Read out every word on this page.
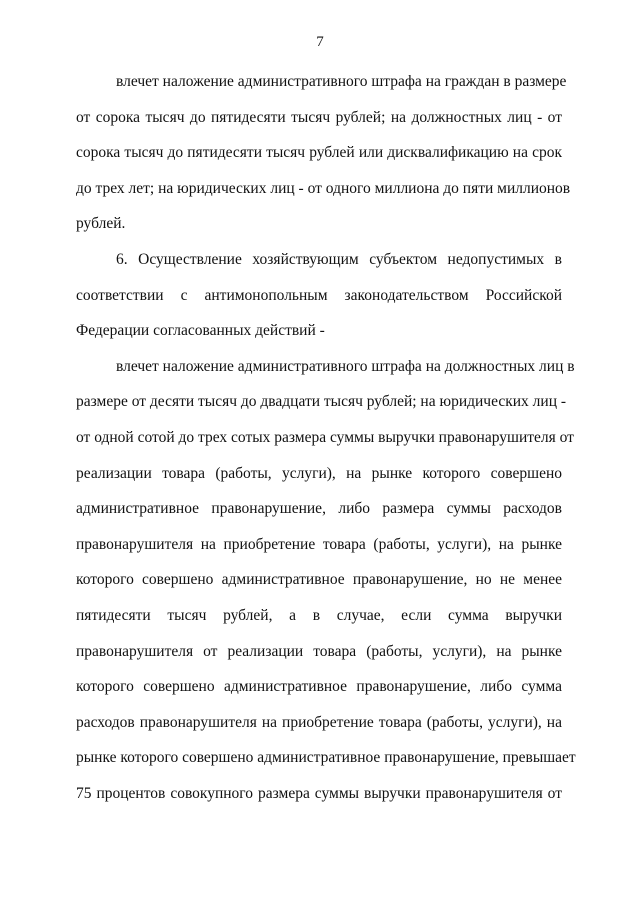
7
влечет наложение административного штрафа на граждан в размере
от сорока тысяч до пятидесяти тысяч рублей; на должностных лиц - от
сорока тысяч до пятидесяти тысяч рублей или дисквалификацию на срок
до трех лет; на юридических лиц - от одного миллиона до пяти миллионов
рублей.
6. Осуществление хозяйствующим субъектом недопустимых в
соответствии с антимонопольным законодательством Российской
Федерации согласованных действий -
влечет наложение административного штрафа на должностных лиц в
размере от десяти тысяч до двадцати тысяч рублей; на юридических лиц -
от одной сотой до трех сотых размера суммы выручки правонарушителя от
реализации товара (работы, услуги), на рынке которого совершено
административное правонарушение, либо размера суммы расходов
правонарушителя на приобретение товара (работы, услуги), на рынке
которого совершено административное правонарушение, но не менее
пятидесяти тысяч рублей, а в случае, если сумма выручки
правонарушителя от реализации товара (работы, услуги), на рынке
которого совершено административное правонарушение, либо сумма
расходов правонарушителя на приобретение товара (работы, услуги), на
рынке которого совершено административное правонарушение, превышает
75 процентов совокупного размера суммы выручки правонарушителя от
